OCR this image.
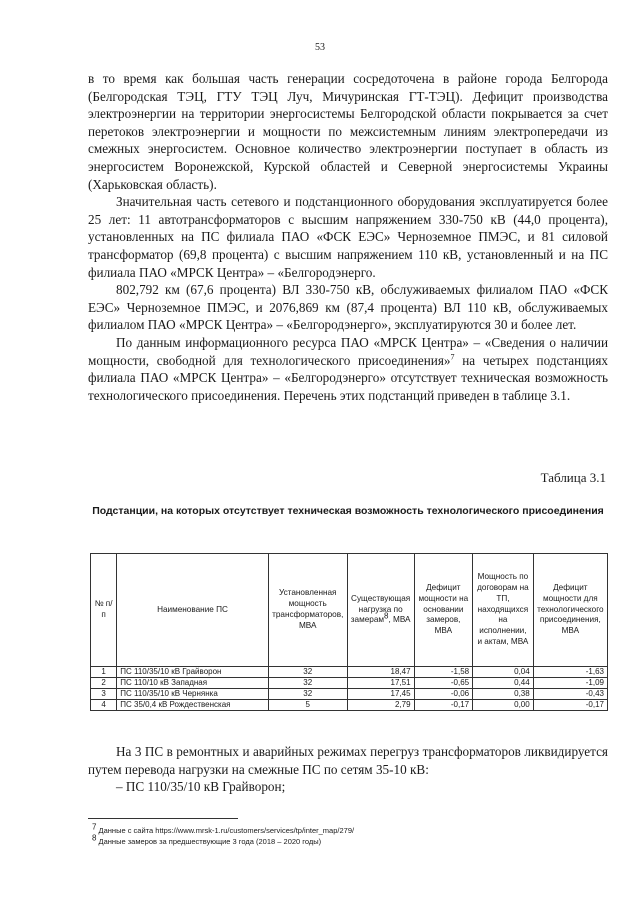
53

в то время как большая часть генерации сосредоточена в районе города Белгорода (Белгородская ТЭЦ, ГТУ ТЭЦ Луч, Мичуринская ГТ-ТЭЦ). Дефицит производства электроэнергии на территории энергосистемы Белгородской области покрывается за счет перетоков электроэнергии и мощности по межсистемным линиям электропередачи из смежных энергосистем. Основное количество электроэнергии поступает в область из энергосистем Воронежской, Курской областей и Северной энергосистемы Украины (Харьковская область).

Значительная часть сетевого и подстанционного оборудования эксплуатируется более 25 лет: 11 автотрансформаторов с высшим напряжением 330-750 кВ (44,0 процента), установленных на ПС филиала ПАО «ФСК ЕЭС» Черноземное ПМЭС, и 81 силовой трансформатор (69,8 процента) с высшим напряжением 110 кВ, установленный и на ПС филиала ПАО «МРСК Центра» – «Белгородэнерго.

802,792 км (67,6 процента) ВЛ 330-750 кВ, обслуживаемых филиалом ПАО «ФСК ЕЭС» Черноземное ПМЭС, и 2076,869 км (87,4 процента) ВЛ 110 кВ, обслуживаемых филиалом ПАО «МРСК Центра» – «Белгородэнерго», эксплуатируются 30 и более лет.

По данным информационного ресурса ПАО «МРСК Центра» – «Сведения о наличии мощности, свободной для технологического присоединения»$^7$ на четырех подстанциях филиала ПАО «МРСК Центра» – «Белгородэнерго» отсутствует техническая возможность технологического присоединения. Перечень этих подстанций приведен в таблице 3.1.

Таблица 3.1
Подстанции, на которых отсутствует техническая возможность технологического присоединения
№ п/п	Наименование ПС	Установленная мощность трансформаторов, МВА	Существующая нагрузка по замерам$^8$, МВА	Дефицит мощности на основании замеров, МВА	Мощность по договорам на ТП, находящихся на исполнении, и актам, МВА	Дефицит мощности для технологического присоединения, МВА
1	ПС 110/35/10 кВ Грайворон	32	18,47	-1,58	0,04	-1,63
2	ПС 110/10 кВ Западная	32	17,51	-0,65	0,44	-1,09
3	ПС 110/35/10 кВ Чернянка	32	17,45	-0,06	0,38	-0,43
4	ПС 35/0,4 кВ Рождественская	5	2,79	-0,17	0,00	-0,17

На 3 ПС в ремонтных и аварийных режимах перегруз трансформаторов ликвидируется путем перевода нагрузки на смежные ПС по сетям 35-10 кВ:

– ПС 110/35/10 кВ Грайворон;

$^7$ Данные с сайта https://www.mrsk-1.ru/customers/services/tp/inter_map/279/
$^8$ Данные замеров за предшествующие 3 года (2018 – 2020 годы)
